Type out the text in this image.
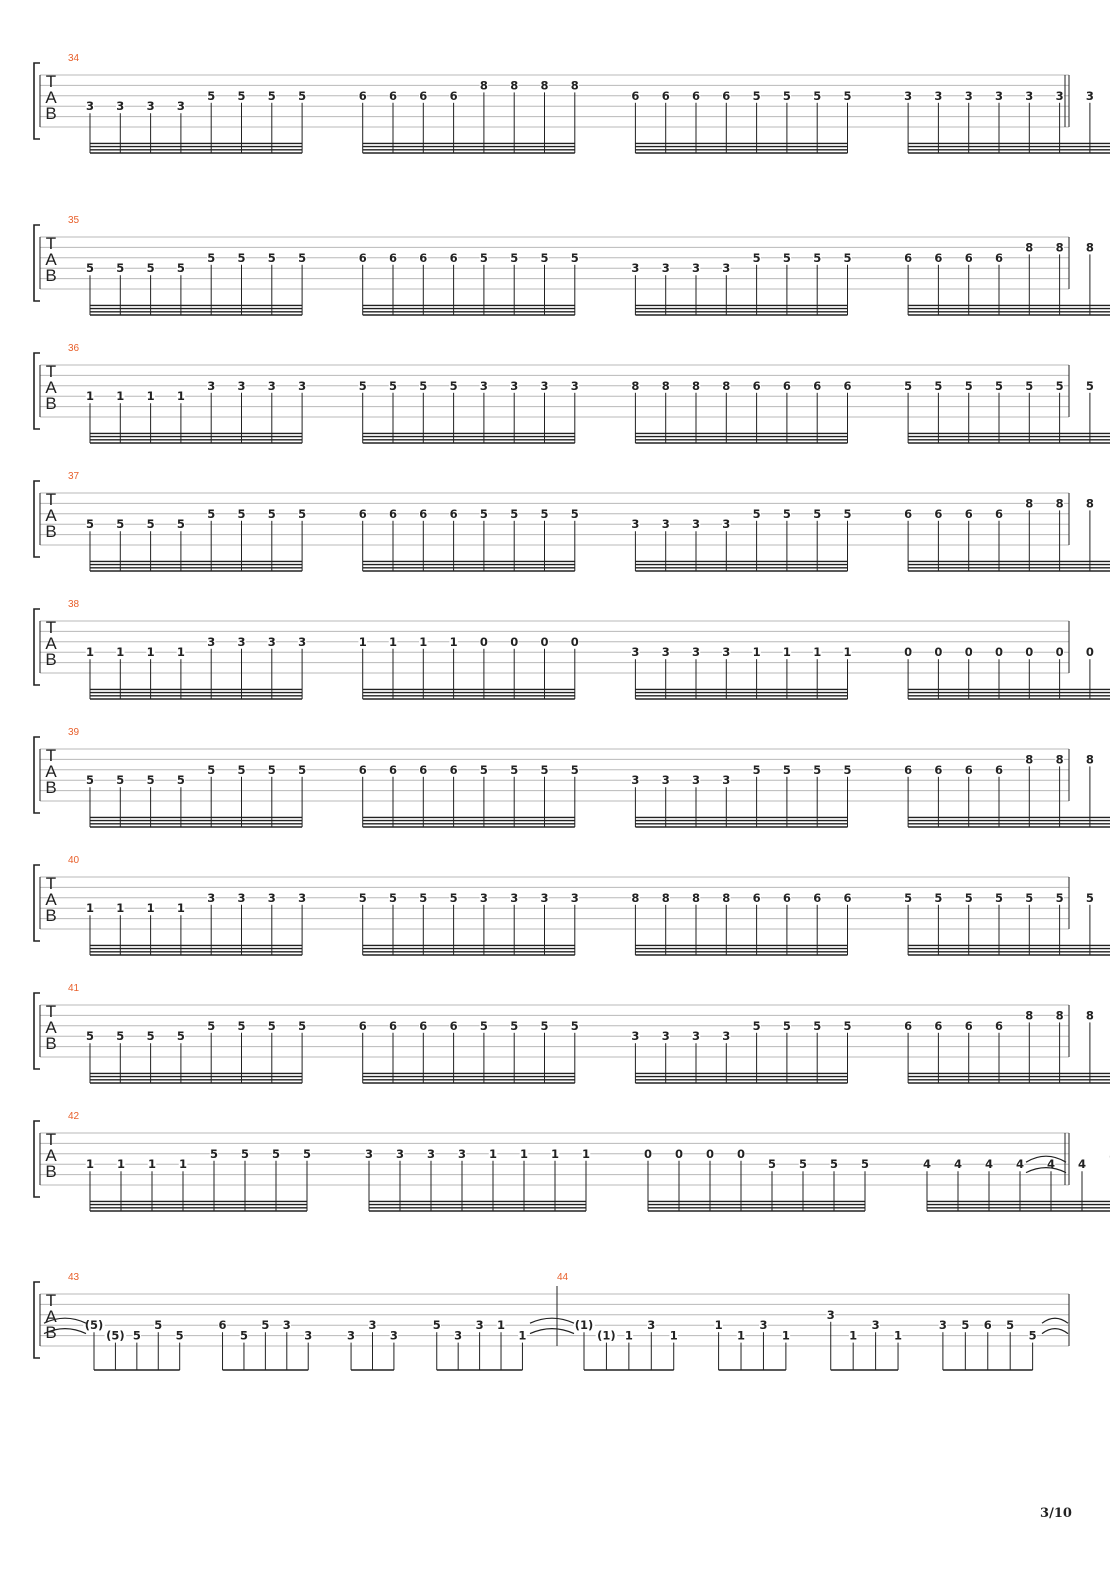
T
A
B
34
3 3 3 3
5 5 5 5	6 6 6 6
8 8 8 8
6 6 6 6 5 5 5 5	3 3 3 3 3 3 3
T
A
B
35
5 5 5 5
5 5 5 5	6 6 6 6 5 5 5 5
3 3 3 3
5 5 5 5	6 6 6 6
8 8 8
T
A
B
36
1 1 1 1
3 3 3 3	5 5 5 5 3 3 3 3	8 8 8 8 6 6 6 6	5 5 5 5 5 5 5
T
A
B
37
5 5 5 5
5 5 5 5	6 6 6 6 5 5 5 5
3 3 3 3
5 5 5 5	6 6 6 6
8 8 8
T
A
B
38
1 1 1 1
3 3 3 3	1 1 1 1 0 0 0 0
3 3 3 3 1 1 1 1	0 0 0 0 0 0 0
T
A
B
39
5 5 5 5
5 5 5 5	6 6 6 6 5 5 5 5
3 3 3 3
5 5 5 5	6 6 6 6
8 8 8
T
A
B
40
1 1 1 1
3 3 3 3	5 5 5 5 3 3 3 3	8 8 8 8 6 6 6 6	5 5 5 5 5 5 5
T
A
B
41
5 5 5 5
5 5 5 5	6 6 6 6 5 5 5 5
3 3 3 3
5 5 5 5	6 6 6 6
8 8 8
T
A
B
42
1 1 1 1
5 5 5 5	3 3 3 3 1 1 1 1	0 0 0 0
5 5 5 5	4 4 4 4 4 4
T
A
B
43
(5)
(5) 5
5
5
6
5
5 3
3	3
3
3
5
3
3 1
1
44
(1)
(1) 1
3
1
1
1
3
1
3
1
3
1
3 5 6 5
5
3/10
